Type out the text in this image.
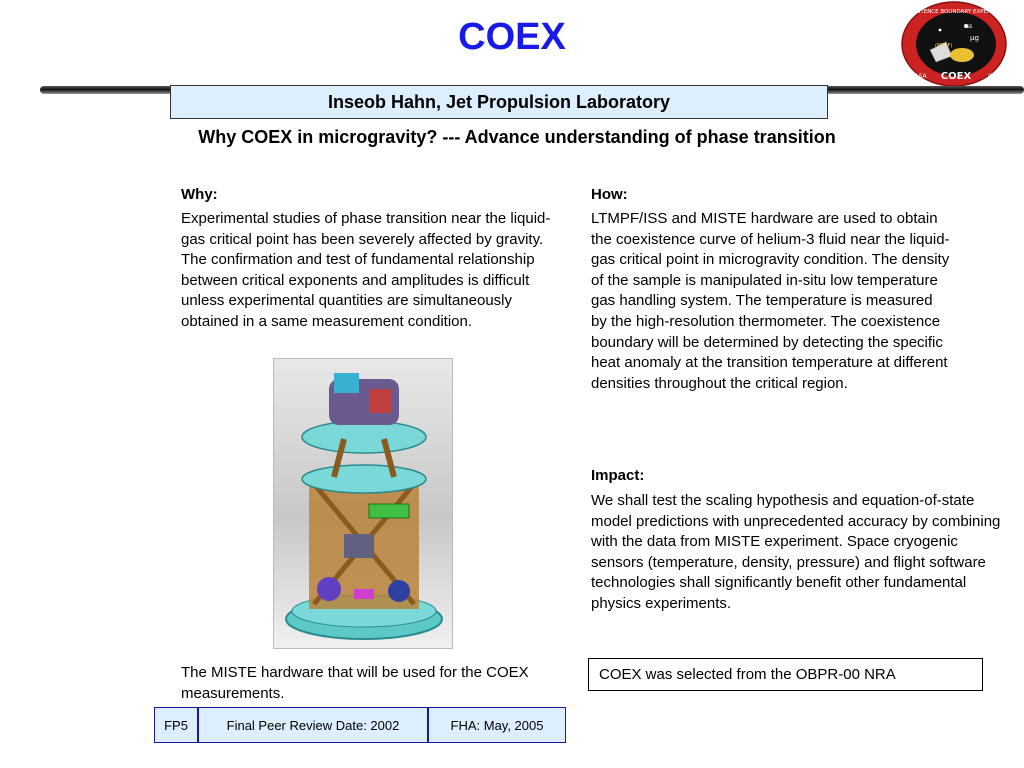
COEX
COEXISTENCE BOUNDARY EXPERIMENT
ss
μg
(MPEF)
COEX
NASA	JPL
Inseob Hahn, Jet Propulsion Laboratory
Why COEX in microgravity? --- Advance understanding of phase transition
Why:
Experimental studies of phase transition near the liquid-gas critical point has been severely affected by gravity. The confirmation and test of fundamental relationship between critical exponents and amplitudes is difficult unless experimental quantities are simultaneously obtained in a same measurement condition.
The MISTE hardware that will be used for the COEX measurements.
How:
LTMPF/ISS and MISTE hardware are used to obtain the coexistence curve of helium-3 fluid near the liquid-gas critical point in microgravity condition. The density of the sample is manipulated in-situ low temperature gas handling system. The temperature is measured by the high-resolution thermometer. The coexistence boundary will be determined by detecting the specific heat anomaly at the transition temperature at different densities throughout the critical region.
Impact:
We shall test the scaling hypothesis and equation-of-state model predictions with unprecedented accuracy by combining with the data from MISTE experiment. Space cryogenic sensors (temperature, density, pressure) and flight software technologies shall significantly benefit other fundamental physics experiments.
COEX was selected from the OBPR-00 NRA
FP5	Final Peer Review Date: 2002	FHA: May, 2005
